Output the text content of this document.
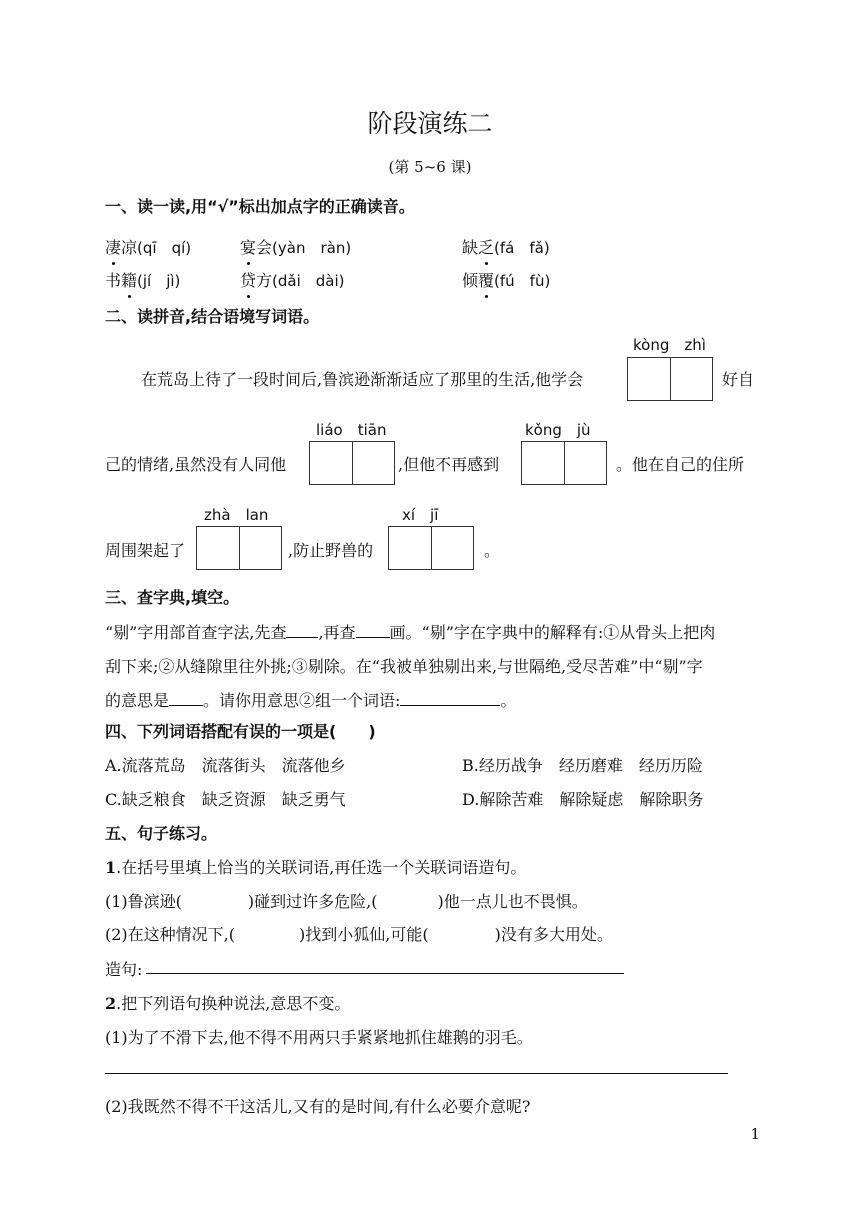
阶段演练二
(第 5~6 课)
一、读一读,用“√”标出加点字的正确读音。
凄凉(qī　qí)	宴会(yàn　ràn)	缺乏(fá　fǎ)
书籍(jí　jì)	贷方(dǎi　dài)	倾覆(fú　fù)
二、读拼音,结合语境写词语。
kòng　zhì
在荒岛上待了一段时间后,鲁滨逊渐渐适应了那里的生活,他学会	好自
liáo　tiān	kǒng　jù
己的情绪,虽然没有人同他	,但他不再感到	。他在自己的住所
zhà　lan	xí　jī
周围架起了	,防止野兽的	。
三、查字典,填空。
“剔”字用部首查字法,先查 ,再查 画。“剔”字在字典中的解释有:①从骨头上把肉
刮下来;②从缝隙里往外挑;③剔除。在“我被单独剔出来,与世隔绝,受尽苦难”中“剔”字
的意思是 。请你用意思②组一个词语:	。
四、下列词语搭配有误的一项是(　　)
A.流落荒岛　流落街头　流落他乡	B.经历战争　经历磨难　经历历险
C.缺乏粮食　缺乏资源　缺乏勇气	D.解除苦难　解除疑虑　解除职务
五、句子练习。
1.在括号里填上恰当的关联词语,再任选一个关联词语造句。
(1)鲁滨逊(	)碰到过许多危险,(	)他一点儿也不畏惧。
(2)在这种情况下,(	)找到小狐仙,可能(	)没有多大用处。
造句:
2.把下列语句换种说法,意思不变。
(1)为了不滑下去,他不得不用两只手紧紧地抓住雄鹅的羽毛。
(2)我既然不得不干这活儿,又有的是时间,有什么必要介意呢?
1
